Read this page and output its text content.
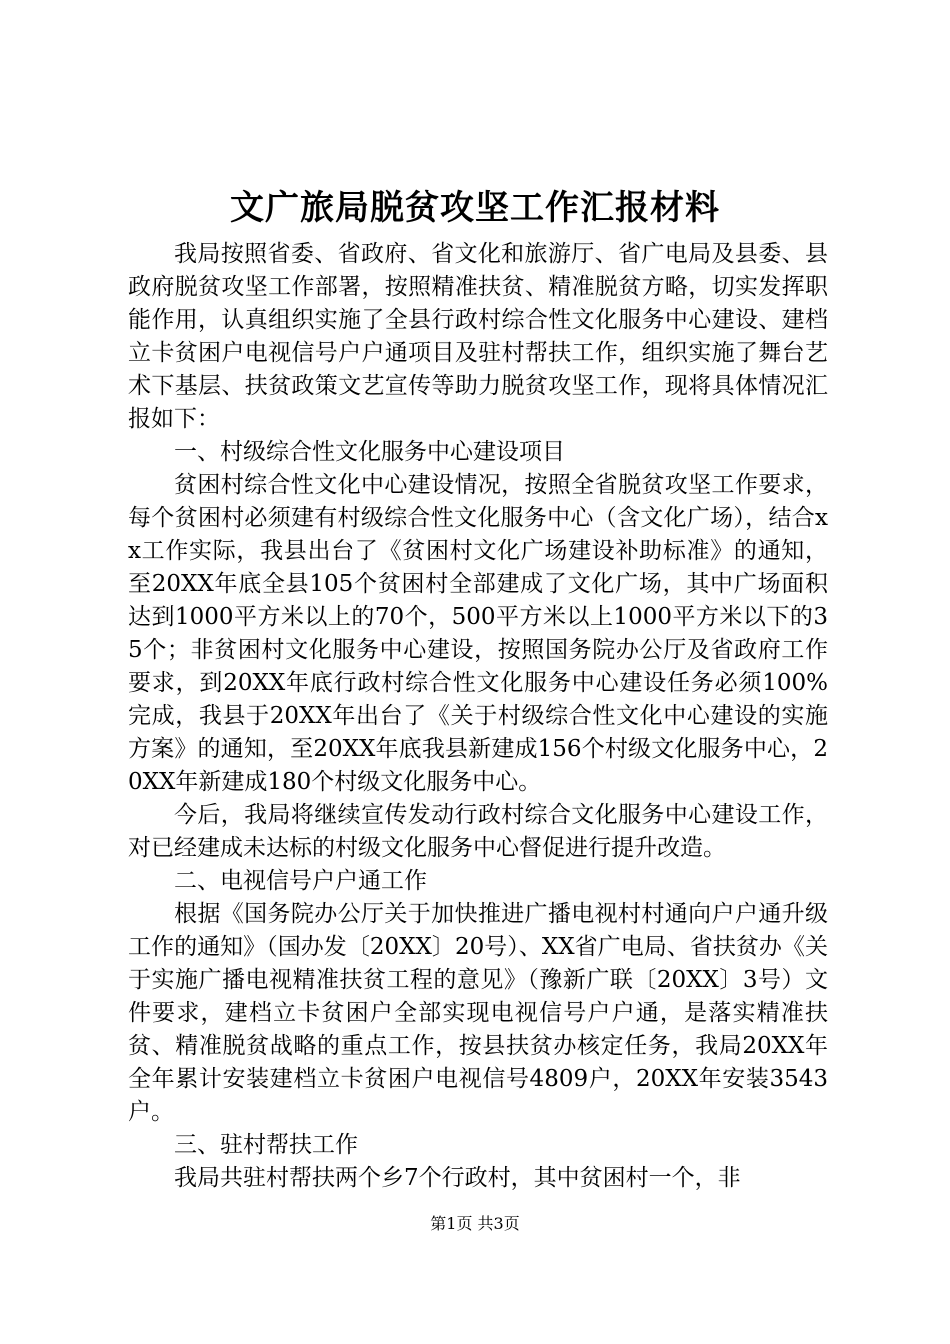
文广旅局脱贫攻坚工作汇报材料

我局按照省委、省政府、省文化和旅游厅、省广电局及县委、县政府脱贫攻坚工作部署，按照精准扶贫、精准脱贫方略，切实发挥职能作用，认真组织实施了全县行政村综合性文化服务中心建设、建档立卡贫困户电视信号户户通项目及驻村帮扶工作，组织实施了舞台艺术下基层、扶贫政策文艺宣传等助力脱贫攻坚工作，现将具体情况汇报如下：

一、村级综合性文化服务中心建设项目

贫困村综合性文化中心建设情况，按照全省脱贫攻坚工作要求，每个贫困村必须建有村级综合性文化服务中心（含文化广场），结合xx工作实际，我县出台了《贫困村文化广场建设补助标准》的通知，至20XX年底全县105个贫困村全部建成了文化广场，其中广场面积达到1000平方米以上的70个，500平方米以上1000平方米以下的35个；非贫困村文化服务中心建设，按照国务院办公厅及省政府工作要求，到20XX年底行政村综合性文化服务中心建设任务必须100%完成，我县于20XX年出台了《关于村级综合性文化中心建设的实施方案》的通知，至20XX年底我县新建成156个村级文化服务中心，20XX年新建成180个村级文化服务中心。

今后，我局将继续宣传发动行政村综合文化服务中心建设工作，对已经建成未达标的村级文化服务中心督促进行提升改造。

二、电视信号户户通工作

根据《国务院办公厅关于加快推进广播电视村村通向户户通升级工作的通知》（国办发〔20XX〕20号）、XX省广电局、省扶贫办《关于实施广播电视精准扶贫工程的意见》（豫新广联〔20XX〕3号）文件要求，建档立卡贫困户全部实现电视信号户户通，是落实精准扶贫、精准脱贫战略的重点工作，按县扶贫办核定任务，我局20XX年全年累计安装建档立卡贫困户电视信号4809户，20XX年安装3543户。

三、驻村帮扶工作

我局共驻村帮扶两个乡7个行政村，其中贫困村一个，非

第1页 共3页
